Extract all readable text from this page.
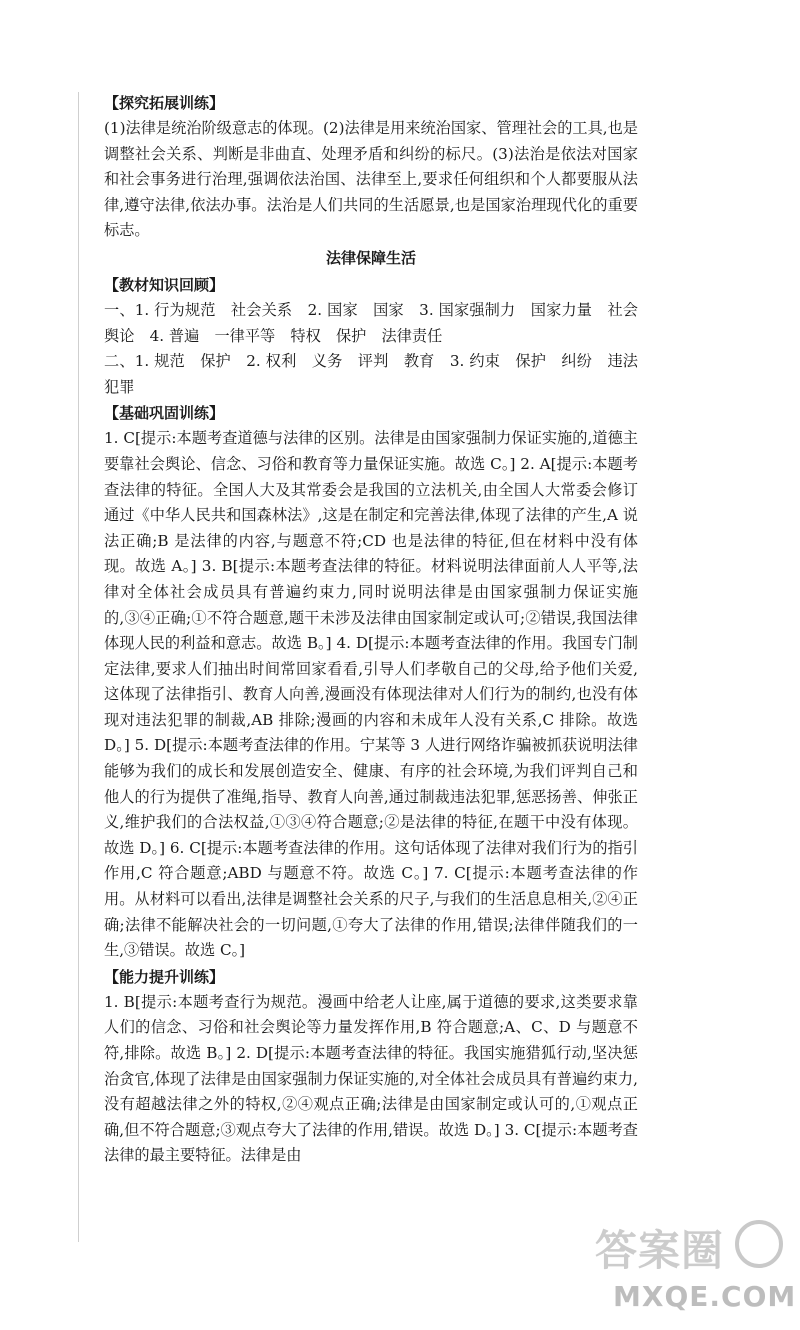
【探究拓展训练】

(1)法律是统治阶级意志的体现。(2)法律是用来统治国家、管理社会的工具,也是调整社会关系、判断是非曲直、处理矛盾和纠纷的标尺。(3)法治是依法对国家和社会事务进行治理,强调依法治国、法律至上,要求任何组织和个人都要服从法律,遵守法律,依法办事。法治是人们共同的生活愿景,也是国家治理现代化的重要标志。

法律保障生活
【教材知识回顾】

一、1. 行为规范　社会关系　2. 国家　国家　3. 国家强制力　国家力量　社会舆论　4. 普遍　一律平等　特权　保护　法律责任

二、1. 规范　保护　2. 权利　义务　评判　教育　3. 约束　保护　纠纷　违法犯罪

【基础巩固训练】

1. C[提示:本题考查道德与法律的区别。法律是由国家强制力保证实施的,道德主要靠社会舆论、信念、习俗和教育等力量保证实施。故选 C。] 2. A[提示:本题考查法律的特征。全国人大及其常委会是我国的立法机关,由全国人大常委会修订通过《中华人民共和国森林法》,这是在制定和完善法律,体现了法律的产生,A 说法正确;B 是法律的内容,与题意不符;CD 也是法律的特征,但在材料中没有体现。故选 A。] 3. B[提示:本题考查法律的特征。材料说明法律面前人人平等,法律对全体社会成员具有普遍约束力,同时说明法律是由国家强制力保证实施的,③④正确;①不符合题意,题干未涉及法律由国家制定或认可;②错误,我国法律体现人民的利益和意志。故选 B。] 4. D[提示:本题考查法律的作用。我国专门制定法律,要求人们抽出时间常回家看看,引导人们孝敬自己的父母,给予他们关爱,这体现了法律指引、教育人向善,漫画没有体现法律对人们行为的制约,也没有体现对违法犯罪的制裁,AB 排除;漫画的内容和未成年人没有关系,C 排除。故选 D。] 5. D[提示:本题考查法律的作用。宁某等 3 人进行网络诈骗被抓获说明法律能够为我们的成长和发展创造安全、健康、有序的社会环境,为我们评判自己和他人的行为提供了准绳,指导、教育人向善,通过制裁违法犯罪,惩恶扬善、伸张正义,维护我们的合法权益,①③④符合题意;②是法律的特征,在题干中没有体现。故选 D。] 6. C[提示:本题考查法律的作用。这句话体现了法律对我们行为的指引作用,C 符合题意;ABD 与题意不符。故选 C。] 7. C[提示:本题考查法律的作用。从材料可以看出,法律是调整社会关系的尺子,与我们的生活息息相关,②④正确;法律不能解决社会的一切问题,①夸大了法律的作用,错误;法律伴随我们的一生,③错误。故选 C。]

【能力提升训练】

1. B[提示:本题考查行为规范。漫画中给老人让座,属于道德的要求,这类要求靠人们的信念、习俗和社会舆论等力量发挥作用,B 符合题意;A、C、D 与题意不符,排除。故选 B。] 2. D[提示:本题考查法律的特征。我国实施猎狐行动,坚决惩治贪官,体现了法律是由国家强制力保证实施的,对全体社会成员具有普遍约束力,没有超越法律之外的特权,②④观点正确;法律是由国家制定或认可的,①观点正确,但不符合题意;③观点夸大了法律的作用,错误。故选 D。] 3. C[提示:本题考查法律的最主要特征。法律是由

答案圈
MXQE.COM
